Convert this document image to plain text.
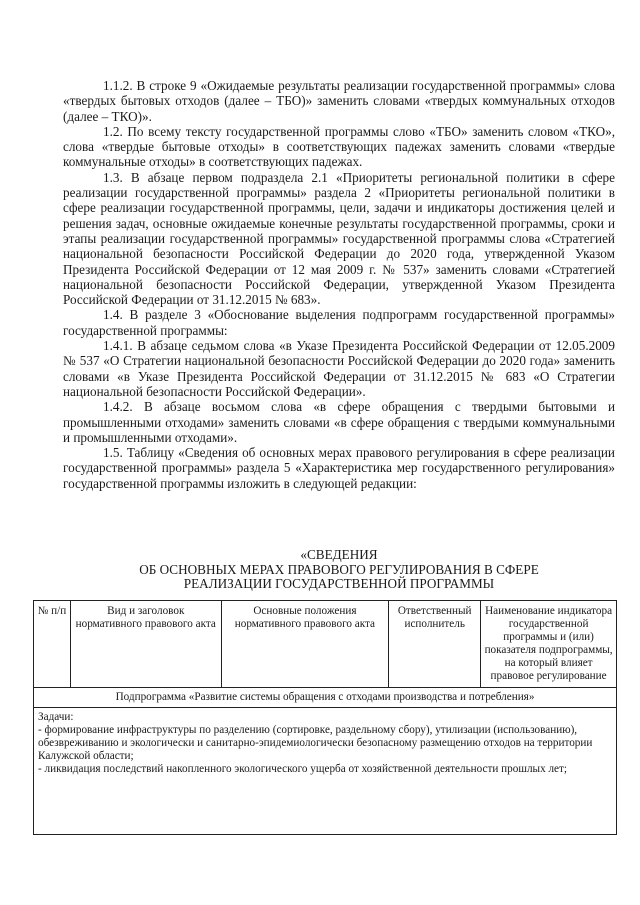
1.1.2. В строке 9 «Ожидаемые результаты реализации государственной программы» слова «твердых бытовых отходов (далее – ТБО)» заменить словами «твердых коммунальных отходов (далее – ТКО)».

1.2. По всему тексту государственной программы слово «ТБО» заменить словом «ТКО», слова «твердые бытовые отходы» в соответствующих падежах заменить словами «твердые коммунальные отходы» в соответствующих падежах.

1.3. В абзаце первом подраздела 2.1 «Приоритеты региональной политики в сфере реализации государственной программы» раздела 2 «Приоритеты региональной политики в сфере реализации государственной программы, цели, задачи и индикаторы достижения целей и решения задач, основные ожидаемые конечные результаты государственной программы, сроки и этапы реализации государственной программы» государственной программы слова «Стратегией национальной безопасности Российской Федерации до 2020 года, утвержденной Указом Президента Российской Федерации от 12 мая 2009 г. № 537» заменить словами «Стратегией национальной безопасности Российской Федерации, утвержденной Указом Президента Российской Федерации от 31.12.2015 № 683».

1.4. В разделе 3 «Обоснование выделения подпрограмм государственной программы» государственной программы:

1.4.1. В абзаце седьмом слова «в Указе Президента Российской Федерации от 12.05.2009 № 537 «О Стратегии национальной безопасности Российской Федерации до 2020 года» заменить словами «в Указе Президента Российской Федерации от 31.12.2015 № 683 «О Стратегии национальной безопасности Российской Федерации».

1.4.2. В абзаце восьмом слова «в сфере обращения с твердыми бытовыми и промышленными отходами» заменить словами «в сфере обращения с твердыми коммунальными и промышленными отходами».

1.5. Таблицу «Сведения об основных мерах правового регулирования в сфере реализации государственной программы» раздела 5 «Характеристика мер государственного регулирования» государственной программы изложить в следующей редакции:

«СВЕДЕНИЯ
ОБ ОСНОВНЫХ МЕРАХ ПРАВОВОГО РЕГУЛИРОВАНИЯ В СФЕРЕ
РЕАЛИЗАЦИИ ГОСУДАРСТВЕННОЙ ПРОГРАММЫ
№ п/п	Вид и заголовок нормативного правового акта	Основные положения нормативного правового акта	Ответственный исполнитель	Наименование индикатора государственной программы и (или) показателя подпрограммы, на который влияет правовое регулирование
Подпрограмма «Развитие системы обращения с отходами производства и потребления»

Задачи:
- формирование инфраструктуры по разделению (сортировке, раздельному сбору), утилизации (использованию), обезвреживанию и экологически и санитарно-эпидемиологически безопасному размещению отходов на территории Калужской области;
- ликвидация последствий накопленного экологического ущерба от хозяйственной деятельности прошлых лет;
